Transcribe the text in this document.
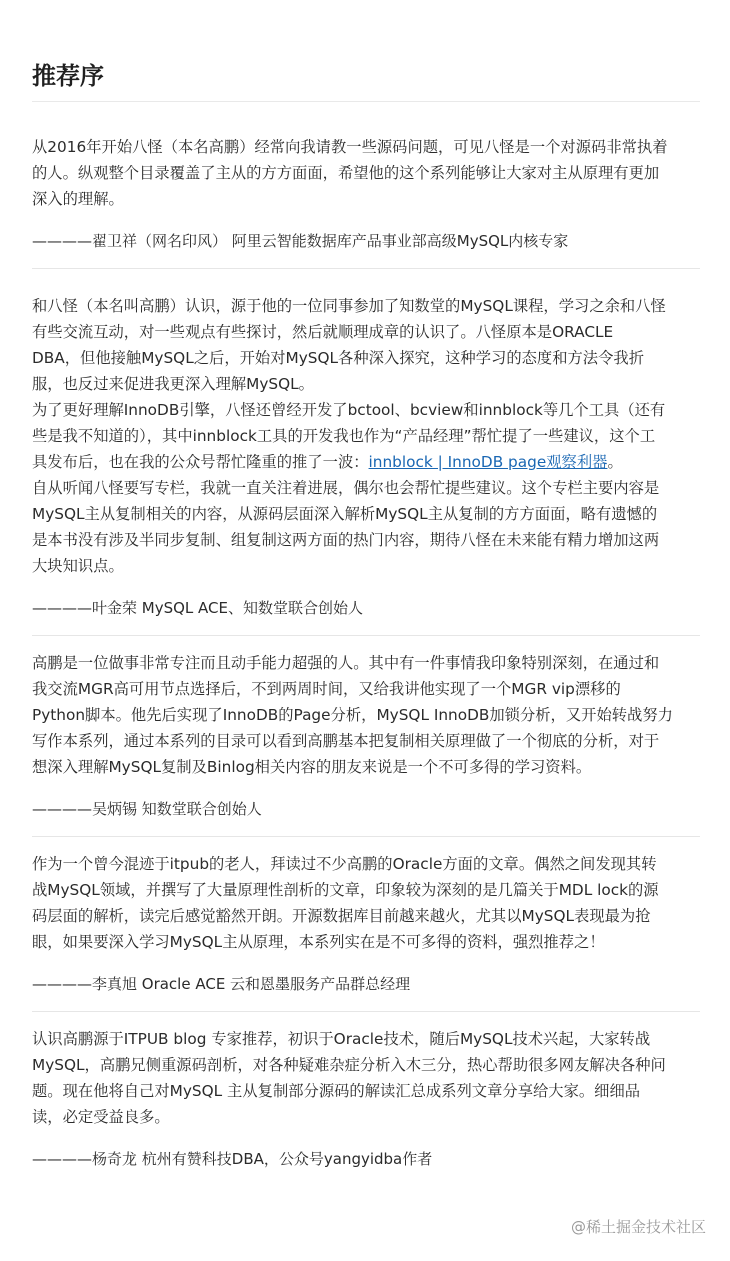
推荐序

从2016年开始八怪（本名高鹏）经常向我请教一些源码问题，可见八怪是一个对源码非常执着
的人。纵观整个目录覆盖了主从的方方面面，希望他的这个系列能够让大家对主从原理有更加
深入的理解。

————翟卫祥（网名印风） 阿里云智能数据库产品事业部高级MySQL内核专家

和八怪（本名叫高鹏）认识，源于他的一位同事参加了知数堂的MySQL课程，学习之余和八怪
有些交流互动，对一些观点有些探讨，然后就顺理成章的认识了。八怪原本是ORACLE
DBA，但他接触MySQL之后，开始对MySQL各种深入探究，这种学习的态度和方法令我折
服，也反过来促进我更深入理解MySQL。
为了更好理解InnoDB引擎，八怪还曾经开发了bctool、bcview和innblock等几个工具（还有
些是我不知道的），其中innblock工具的开发我也作为“产品经理”帮忙提了一些建议，这个工
具发布后，也在我的公众号帮忙隆重的推了一波：innblock | InnoDB page观察利器。
自从听闻八怪要写专栏，我就一直关注着进展，偶尔也会帮忙提些建议。这个专栏主要内容是
MySQL主从复制相关的内容，从源码层面深入解析MySQL主从复制的方方面面，略有遗憾的
是本书没有涉及半同步复制、组复制这两方面的热门内容，期待八怪在未来能有精力增加这两
大块知识点。

————叶金荣 MySQL ACE、知数堂联合创始人

高鹏是一位做事非常专注而且动手能力超强的人。其中有一件事情我印象特别深刻，在通过和
我交流MGR高可用节点选择后，不到两周时间，又给我讲他实现了一个MGR vip漂移的
Python脚本。他先后实现了InnoDB的Page分析，MySQL InnoDB加锁分析，又开始转战努力
写作本系列，通过本系列的目录可以看到高鹏基本把复制相关原理做了一个彻底的分析，对于
想深入理解MySQL复制及Binlog相关内容的朋友来说是一个不可多得的学习资料。

————吴炳锡 知数堂联合创始人

作为一个曾今混迹于itpub的老人，拜读过不少高鹏的Oracle方面的文章。偶然之间发现其转
战MySQL领域，并撰写了大量原理性剖析的文章，印象较为深刻的是几篇关于MDL lock的源
码层面的解析，读完后感觉豁然开朗。开源数据库目前越来越火，尤其以MySQL表现最为抢
眼，如果要深入学习MySQL主从原理，本系列实在是不可多得的资料，强烈推荐之！

————李真旭 Oracle ACE 云和恩墨服务产品群总经理

认识高鹏源于ITPUB blog 专家推荐，初识于Oracle技术，随后MySQL技术兴起，大家转战
MySQL，高鹏兄侧重源码剖析，对各种疑难杂症分析入木三分，热心帮助很多网友解决各种问
题。现在他将自己对MySQL 主从复制部分源码的解读汇总成系列文章分享给大家。细细品
读，必定受益良多。

————杨奇龙 杭州有赞科技DBA，公众号yangyidba作者
@稀土掘金技术社区
